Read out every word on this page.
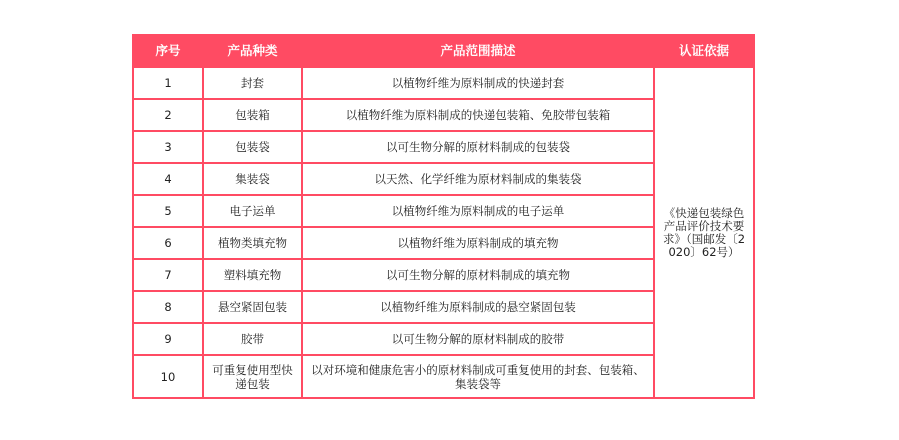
序号	产品种类	产品范围描述	认证依据
1	封套	以植物纤维为原料制成的快递封套	《快递包装绿色产品评价技术要求》（国邮发〔2020〕62号）
2	包装箱	以植物纤维为原料制成的快递包装箱、免胶带包装箱	
3	包装袋	以可生物分解的原材料制成的包装袋	
4	集装袋	以天然、化学纤维为原材料制成的集装袋	
5	电子运单	以植物纤维为原料制成的电子运单	
6	植物类填充物	以植物纤维为原料制成的填充物	
7	塑料填充物	以可生物分解的原材料制成的填充物	
8	悬空紧固包装	以植物纤维为原料制成的悬空紧固包装	
9	胶带	以可生物分解的原材料制成的胶带	
10	可重复使用型快递包装	以对环境和健康危害小的原材料制成可重复使用的封套、包装箱、集装袋等	
